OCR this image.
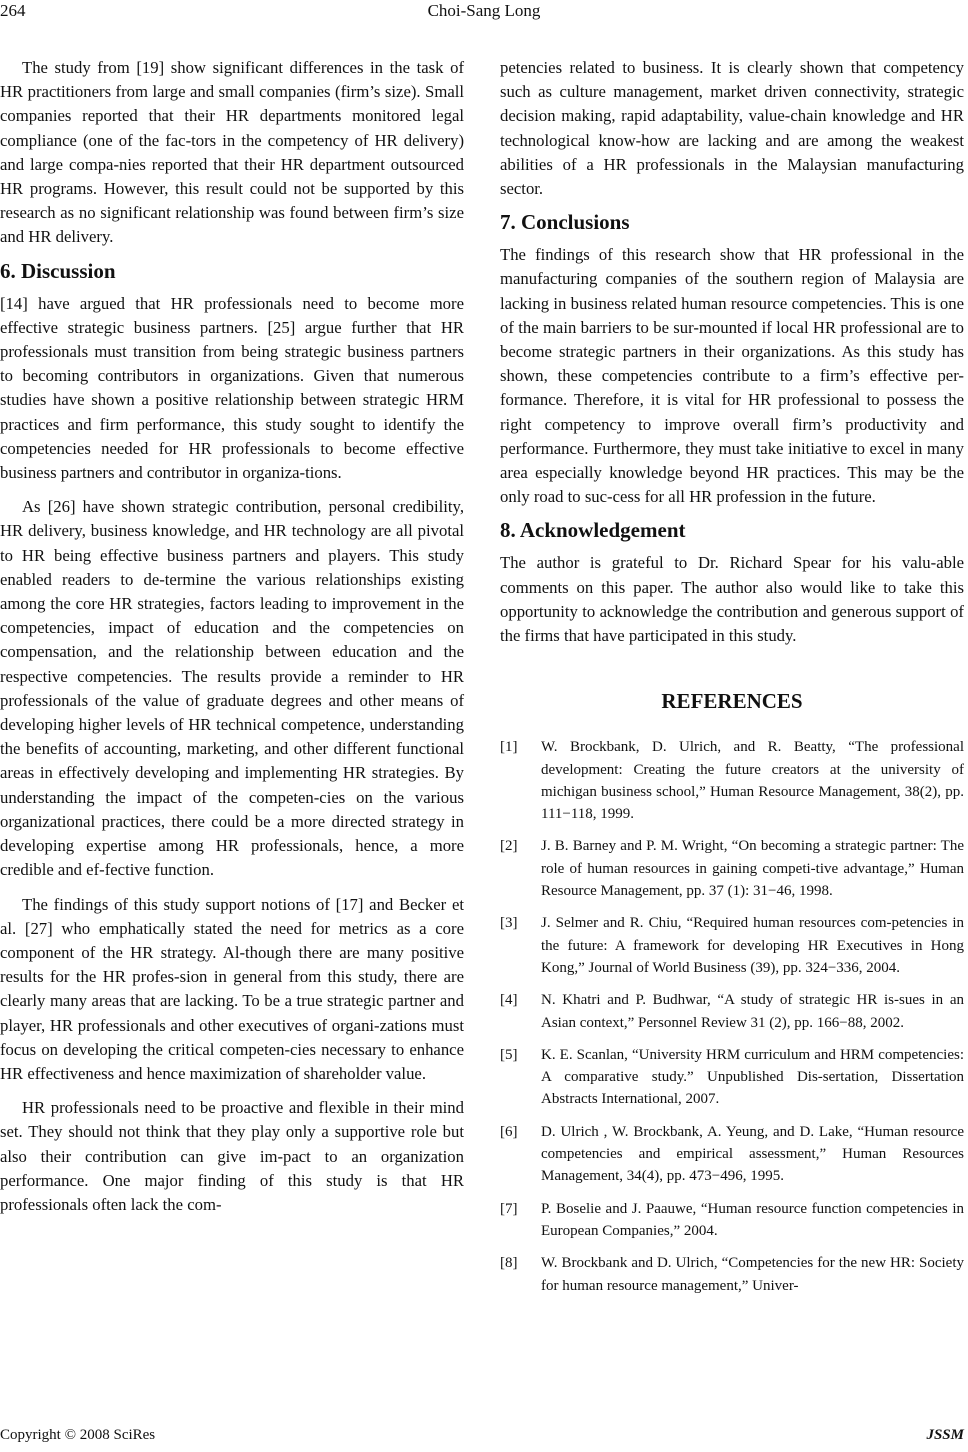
264	Choi-Sang Long

The study from [19] show significant differences in the task of HR practitioners from large and small companies (firm’s size). Small companies reported that their HR departments monitored legal compliance (one of the fac-tors in the competency of HR delivery) and large compa-nies reported that their HR department outsourced HR programs. However, this result could not be supported by this research as no significant relationship was found between firm’s size and HR delivery.

6. Discussion

[14] have argued that HR professionals need to become more effective strategic business partners. [25] argue further that HR professionals must transition from being strategic business partners to becoming contributors in organizations. Given that numerous studies have shown a positive relationship between strategic HRM practices and firm performance, this study sought to identify the competencies needed for HR professionals to become effective business partners and contributor in organiza-tions.

As [26] have shown strategic contribution, personal credibility, HR delivery, business knowledge, and HR technology are all pivotal to HR being effective business partners and players. This study enabled readers to de-termine the various relationships existing among the core HR strategies, factors leading to improvement in the competencies, impact of education and the competencies on compensation, and the relationship between education and the respective competencies. The results provide a reminder to HR professionals of the value of graduate degrees and other means of developing higher levels of HR technical competence, understanding the benefits of accounting, marketing, and other different functional areas in effectively developing and implementing HR strategies. By understanding the impact of the competen-cies on the various organizational practices, there could be a more directed strategy in developing expertise among HR professionals, hence, a more credible and ef-fective function.

The findings of this study support notions of [17] and Becker et al. [27] who emphatically stated the need for metrics as a core component of the HR strategy. Al-though there are many positive results for the HR profes-sion in general from this study, there are clearly many areas that are lacking. To be a true strategic partner and player, HR professionals and other executives of organi-zations must focus on developing the critical competen-cies necessary to enhance HR effectiveness and hence maximization of shareholder value.

HR professionals need to be proactive and flexible in their mind set. They should not think that they play only a supportive role but also their contribution can give im-pact to an organization performance. One major finding of this study is that HR professionals often lack the com-

petencies related to business. It is clearly shown that competency such as culture management, market driven connectivity, strategic decision making, rapid adaptability, value-chain knowledge and HR technological know-how are lacking and are among the weakest abilities of a HR professionals in the Malaysian manufacturing sector.

7. Conclusions

The findings of this research show that HR professional in the manufacturing companies of the southern region of Malaysia are lacking in business related human resource competencies. This is one of the main barriers to be sur-mounted if local HR professional are to become strategic partners in their organizations. As this study has shown, these competencies contribute to a firm’s effective per-formance. Therefore, it is vital for HR professional to possess the right competency to improve overall firm’s productivity and performance. Furthermore, they must take initiative to excel in many area especially knowledge beyond HR practices. This may be the only road to suc-cess for all HR profession in the future.

8. Acknowledgement

The author is grateful to Dr. Richard Spear for his valu-able comments on this paper. The author also would like to take this opportunity to acknowledge the contribution and generous support of the firms that have participated in this study.

REFERENCES
[1] W. Brockbank, D. Ulrich, and R. Beatty, “The professional development: Creating the future creators at the university of michigan business school,” Human Resource Management, 38(2), pp. 111−118, 1999.
[2] J. B. Barney and P. M. Wright, “On becoming a strategic partner: The role of human resources in gaining competi-tive advantage,” Human Resource Management, pp. 37 (1): 31−46, 1998.
[3] J. Selmer and R. Chiu, “Required human resources com-petencies in the future: A framework for developing HR Executives in Hong Kong,” Journal of World Business (39), pp. 324−336, 2004.
[4] N. Khatri and P. Budhwar, “A study of strategic HR is-sues in an Asian context,” Personnel Review 31 (2), pp. 166−88, 2002.
[5] K. E. Scanlan, “University HRM curriculum and HRM competencies: A comparative study.” Unpublished Dis-sertation, Dissertation Abstracts International, 2007.
[6] D. Ulrich , W. Brockbank, A. Yeung, and D. Lake, “Human resource competencies and empirical assessment,” Human Resources Management, 34(4), pp. 473−496, 1995.
[7] P. Boselie and J. Paauwe, “Human resource function competencies in European Companies,” 2004.
[8] W. Brockbank and D. Ulrich, “Competencies for the new HR: Society for human resource management,” Univer-
Copyright © 2008 SciRes	JSSM
